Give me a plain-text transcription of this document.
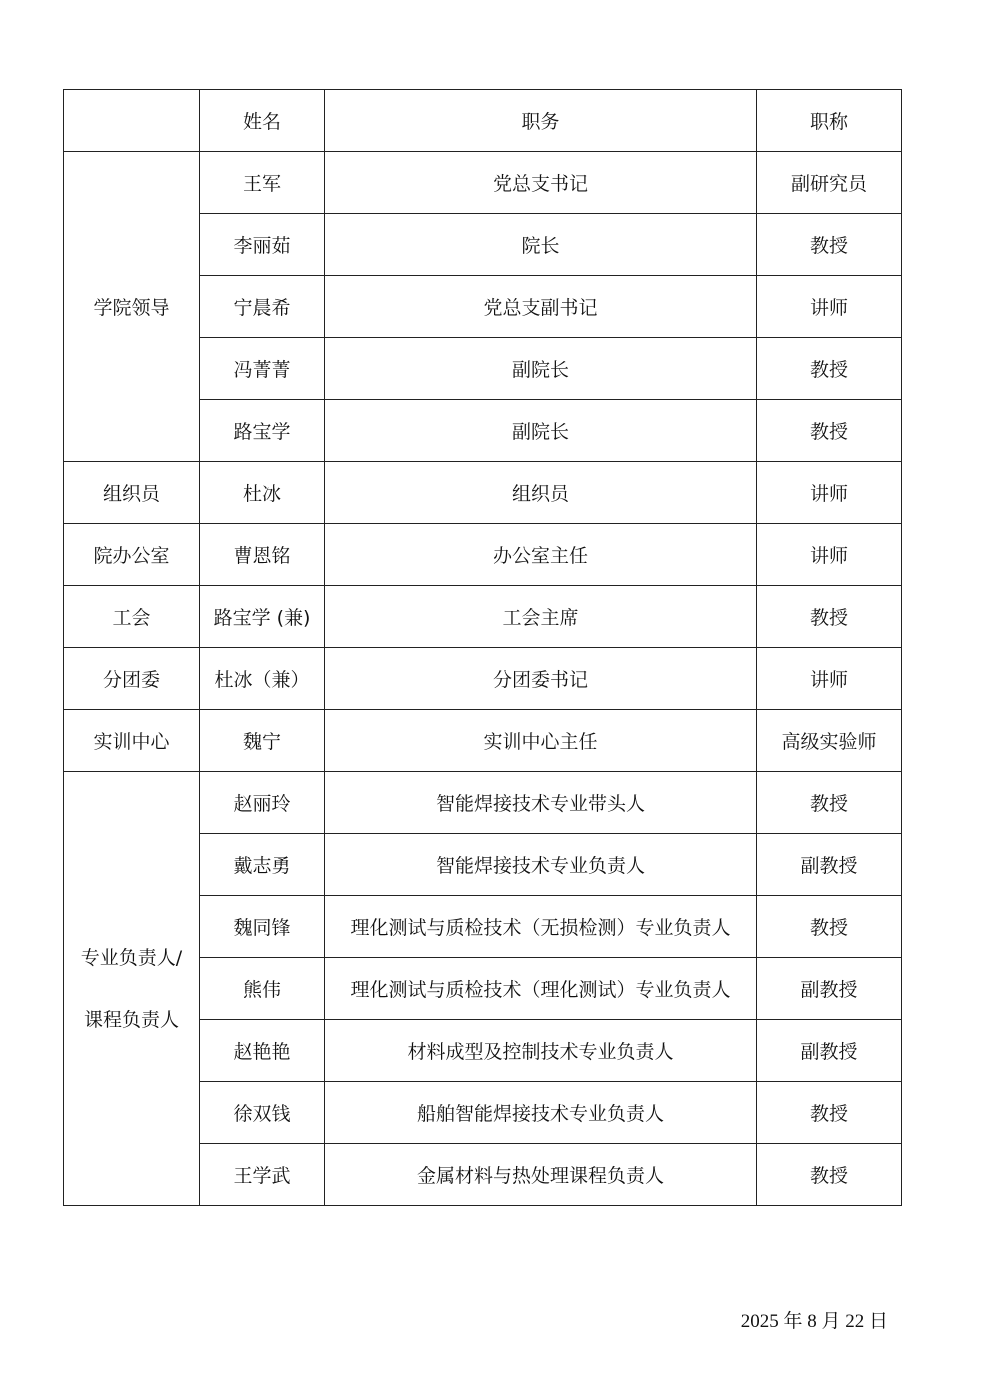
	姓名	职务	职称
学院领导	王军	党总支书记	副研究员
	李丽茹	院长	教授
	宁晨希	党总支副书记	讲师
	冯菁菁	副院长	教授
	路宝学	副院长	教授
组织员	杜冰	组织员	讲师
院办公室	曹恩铭	办公室主任	讲师
工会	路宝学 (兼)	工会主席	教授
分团委	杜冰（兼）	分团委书记	讲师
实训中心	魏宁	实训中心主任	高级实验师

专业负责人/
课程负责人	赵丽玲	智能焊接技术专业带头人	教授
	戴志勇	智能焊接技术专业负责人	副教授
	魏同锋	理化测试与质检技术（无损检测）专业负责人	教授
	熊伟	理化测试与质检技术（理化测试）专业负责人	副教授
	赵艳艳	材料成型及控制技术专业负责人	副教授
	徐双钱	船舶智能焊接技术专业负责人	教授
	王学武	金属材料与热处理课程负责人	教授
2025 年 8 月 22 日
